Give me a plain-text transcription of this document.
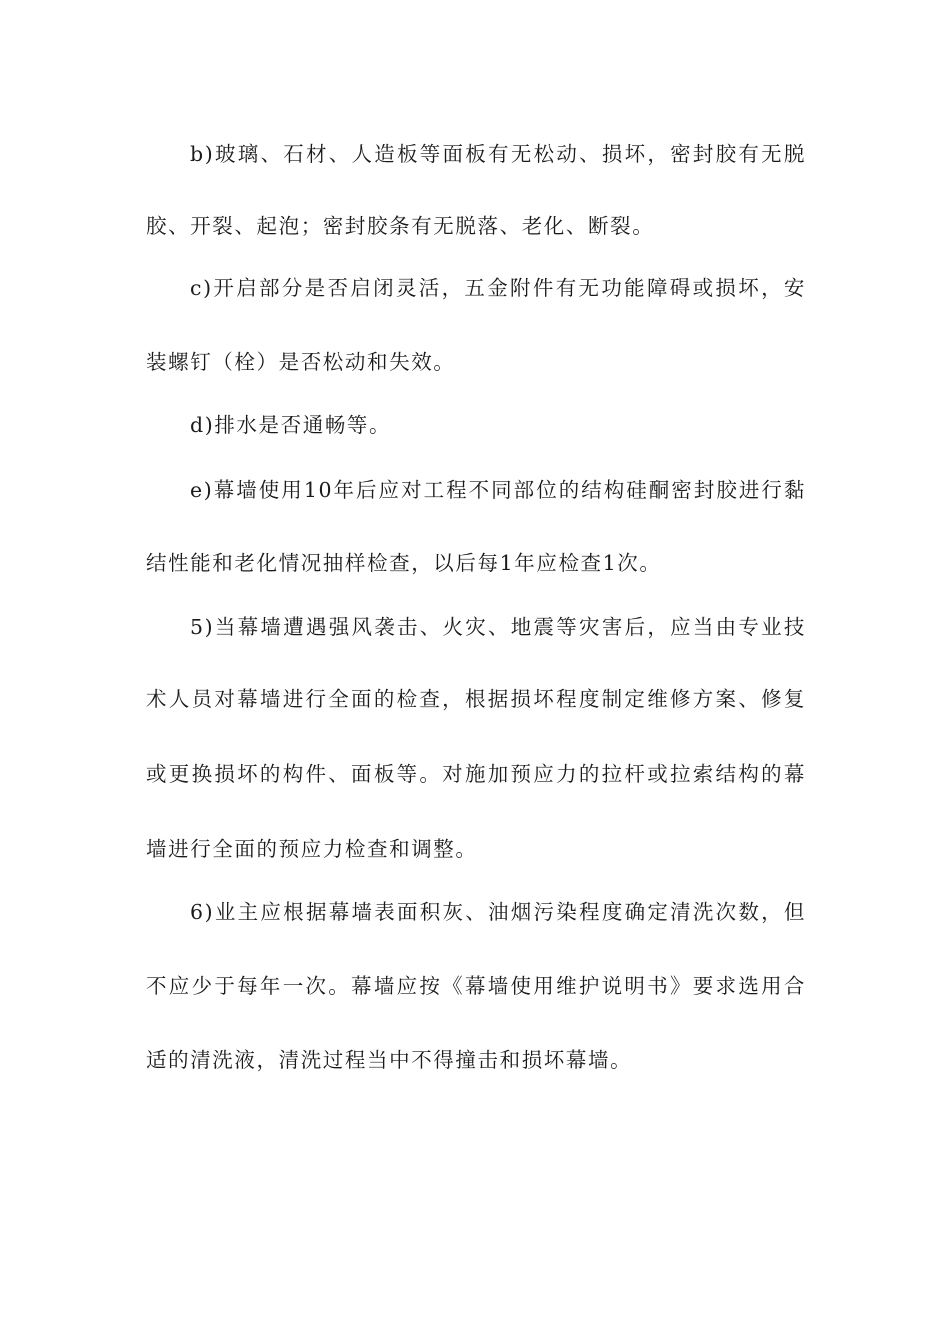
b)玻璃、石材、人造板等面板有无松动、损坏，密封胶有无脱
胶、开裂、起泡；密封胶条有无脱落、老化、断裂。
c)开启部分是否启闭灵活，五金附件有无功能障碍或损坏，安
装螺钉（栓）是否松动和失效。
d)排水是否通畅等。
e)幕墙使用10年后应对工程不同部位的结构硅酮密封胶进行黏
结性能和老化情况抽样检查，以后每1年应检查1次。
5)当幕墙遭遇强风袭击、火灾、地震等灾害后，应当由专业技
术人员对幕墙进行全面的检查，根据损坏程度制定维修方案、修复
或更换损坏的构件、面板等。对施加预应力的拉杆或拉索结构的幕
墙进行全面的预应力检查和调整。
6)业主应根据幕墙表面积灰、油烟污染程度确定清洗次数，但
不应少于每年一次。幕墙应按《幕墙使用维护说明书》要求选用合
适的清洗液，清洗过程当中不得撞击和损坏幕墙。
